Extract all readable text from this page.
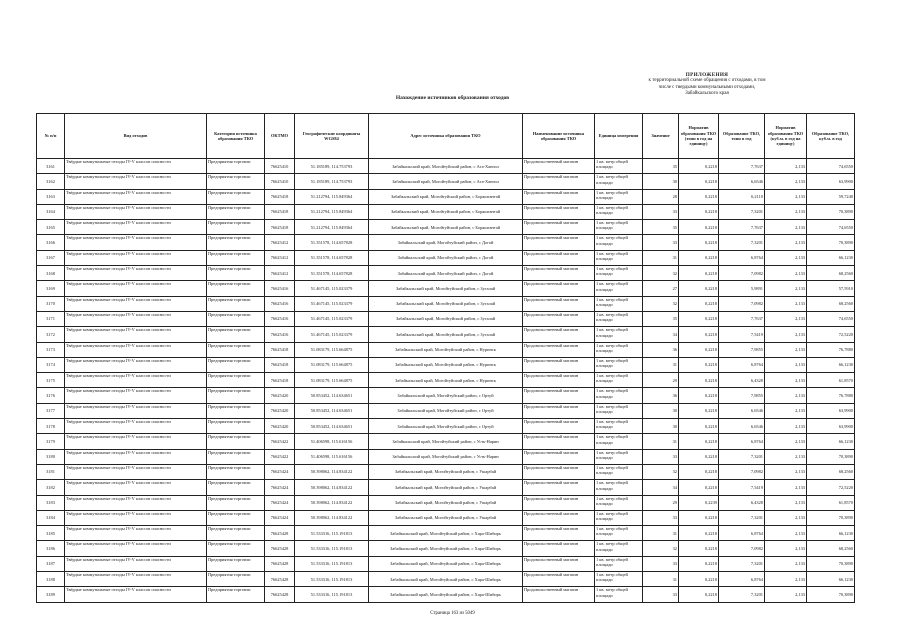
ПРИЛОЖЕНИЯ
к территориальной схеме обращения с отходами, в том
числе с твердыми коммунальными отходами,
Забайкальского края
Нахождение источников образования отходов
№ п/п	Вид отходов	Категория источника образования ТКО	ОКТМО	Географические координаты WGS84	Адрес источника образования ТКО	Наименование источника образования ТКО	Единица измерения	Значение	Норматив образования ТКО (тонн в год на единицу)	Образование ТКО, тонн в год	Норматив образования ТКО (куб.м. в год на единицу)	Образование ТКО, куб.м. в год
3161	Твёрдые коммунальные отходы IV-V классов опасности	Предприятия торговли	76625410	51.185189, 114.753793	Забайкальский край, Могойтуйский район, с Ага-Хангил	Продовольственный магазин	1 кв. метр общей площади	35	0,2218	7,7637	2,133	74,6550
3162	Твёрдые коммунальные отходы IV-V классов опасности	Предприятия торговли	76625410	51.185189, 114.753793	Забайкальский край, Могойтуйский район, с Ага-Хангил	Продовольственный магазин	1 кв. метр общей площади	30	0,2218	6,6546	2,133	63,9900
3163	Твёрдые коммунальные отходы IV-V классов опасности	Предприятия торговли	76625418	51.212794, 115.849364	Забайкальский край, Могойтуйский район, с Боржигантай	Продовольственный магазин	1 кв. метр общей площади	28	0,2218	6,2110	2,133	59,7240
3164	Твёрдые коммунальные отходы IV-V классов опасности	Предприятия торговли	76625418	51.212794, 115.849364	Забайкальский край, Могойтуйский район, с Боржигантай	Продовольственный магазин	1 кв. метр общей площади	33	0,2218	7,3201	2,133	70,3890
3165	Твёрдые коммунальные отходы IV-V классов опасности	Предприятия торговли	76625418	51.212794, 115.849364	Забайкальский край, Могойтуйский район, с Боржигантай	Продовольственный магазин	1 кв. метр общей площади	35	0,2218	7,7637	2,133	74,6550
3166	Твёрдые коммунальные отходы IV-V классов опасности	Предприятия торговли	76625412	51.351578, 114.657828	Забайкальский край, Могойтуйский район, с Догой	Продовольственный магазин	1 кв. метр общей площади	33	0,2218	7,3201	2,133	70,3890
3167	Твёрдые коммунальные отходы IV-V классов опасности	Предприятия торговли	76625412	51.351578, 114.657828	Забайкальский край, Могойтуйский район, с Догой	Продовольственный магазин	1 кв. метр общей площади	31	0,2218	6,8764	2,133	66,1230
3168	Твёрдые коммунальные отходы IV-V классов опасности	Предприятия торговли	76625412	51.351578, 114.657828	Забайкальский край, Могойтуйский район, с Догой	Продовольственный магазин	1 кв. метр общей площади	32	0,2218	7,0982	2,133	68,2560
3169	Твёрдые коммунальные отходы IV-V классов опасности	Предприятия торговли	76625416	51.467145, 115.023379	Забайкальский край, Могойтуйский район, с Зугалай	Продовольственный магазин	1 кв. метр общей площади	27	0,2218	5,9891	2,133	57,5910
3170	Твёрдые коммунальные отходы IV-V классов опасности	Предприятия торговли	76625416	51.467145, 115.023379	Забайкальский край, Могойтуйский район, с Зугалай	Продовольственный магазин	1 кв. метр общей площади	32	0,2218	7,0982	2,133	68,2560
3171	Твёрдые коммунальные отходы IV-V классов опасности	Предприятия торговли	76625416	51.467145, 115.023379	Забайкальский край, Могойтуйский район, с Зугалай	Продовольственный магазин	1 кв. метр общей площади	35	0,2218	7,7637	2,133	74,6550
3172	Твёрдые коммунальные отходы IV-V классов опасности	Предприятия торговли	76625416	51.467145, 115.023379	Забайкальский край, Могойтуйский район, с Зугалай	Продовольственный магазин	1 кв. метр общей площади	34	0,2218	7,5419	2,133	72,5220
3173	Твёрдые коммунальные отходы IV-V классов опасности	Предприятия торговли	76625418	51.083179, 115.664875	Забайкальский край, Могойтуйский район, с Нуринск	Продовольственный магазин	1 кв. метр общей площади	36	0,2218	7,9855	2,133	76,7880
3174	Твёрдые коммунальные отходы IV-V классов опасности	Предприятия торговли	76625418	51.083179, 115.664875	Забайкальский край, Могойтуйский район, с Нуринск	Продовольственный магазин	1 кв. метр общей площади	31	0,2218	6,8764	2,133	66,1230
3175	Твёрдые коммунальные отходы IV-V классов опасности	Предприятия торговли	76625418	51.083179, 115.664875	Забайкальский край, Могойтуйский район, с Нуринск	Продовольственный магазин	1 кв. метр общей площади	29	0,2218	6,4328	2,133	61,8570
3176	Твёрдые коммунальные отходы IV-V классов опасности	Предприятия торговли	76625420	50.853452, 114.634651	Забайкальский край, Могойтуйский район, с Ортуй	Продовольственный магазин	1 кв. метр общей площади	36	0,2218	7,9855	2,133	76,7880
3177	Твёрдые коммунальные отходы IV-V классов опасности	Предприятия торговли	76625420	50.853452, 114.634651	Забайкальский край, Могойтуйский район, с Ортуй	Продовольственный магазин	1 кв. метр общей площади	30	0,2218	6,6546	2,133	63,9900
3178	Твёрдые коммунальные отходы IV-V классов опасности	Предприятия торговли	76625420	50.853452, 114.634651	Забайкальский край, Могойтуйский район, с Ортуй	Продовольственный магазин	1 кв. метр общей площади	30	0,2218	6,6546	2,133	63,9900
3179	Твёрдые коммунальные отходы IV-V классов опасности	Предприятия торговли	76625422	51.406598, 115.616156	Забайкальский край, Могойтуйский район, с Усть-Нарин	Продовольственный магазин	1 кв. метр общей площади	31	0,2218	6,8764	2,133	66,1230
3180	Твёрдые коммунальные отходы IV-V классов опасности	Предприятия торговли	76625422	51.406598, 115.616156	Забайкальский край, Могойтуйский район, с Усть-Нарин	Продовольственный магазин	1 кв. метр общей площади	33	0,2218	7,3201	2,133	70,3890
3181	Твёрдые коммунальные отходы IV-V классов опасности	Предприятия торговли	76625424	50.398062, 114.834122	Забайкальский край, Могойтуйский район, с Ушарбай	Продовольственный магазин	1 кв. метр общей площади	32	0,2218	7,0982	2,133	68,2560
3182	Твёрдые коммунальные отходы IV-V классов опасности	Предприятия торговли	76625424	50.398062, 114.834122	Забайкальский край, Могойтуйский район, с Ушарбай	Продовольственный магазин	1 кв. метр общей площади	34	0,2218	7,5419	2,133	72,5220
3183	Твёрдые коммунальные отходы IV-V классов опасности	Предприятия торговли	76625424	50.398062, 114.834122	Забайкальский край, Могойтуйский район, с Ушарбай	Продовольственный магазин	1 кв. метр общей площади	29	0,2239	6,4328	2,133	61,8570
3184	Твёрдые коммунальные отходы IV-V классов опасности	Предприятия торговли	76625424	50.398062, 114.834122	Забайкальский край, Могойтуйский район, с Ушарбай	Продовольственный магазин	1 кв. метр общей площади	33	0,2218	7,3201	2,133	70,3890
3185	Твёрдые коммунальные отходы IV-V классов опасности	Предприятия торговли	76625428	51.533316, 115.191813	Забайкальский край, Могойтуйский район, с Хара-Шибирь	Продовольственный магазин	1 кв. метр общей площади	31	0,2218	6,8764	2,133	66,1230
3186	Твёрдые коммунальные отходы IV-V классов опасности	Предприятия торговли	76625428	51.533316, 115.191813	Забайкальский край, Могойтуйский район, с Хара-Шибирь	Продовольственный магазин	1 кв. метр общей площади	32	0,2218	7,0982	2,133	68,2560
3187	Твёрдые коммунальные отходы IV-V классов опасности	Предприятия торговли	76625428	51.533316, 115.191813	Забайкальский край, Могойтуйский район, с Хара-Шибирь	Продовольственный магазин	1 кв. метр общей площади	33	0,2218	7,3201	2,133	70,3890
3188	Твёрдые коммунальные отходы IV-V классов опасности	Предприятия торговли	76625428	51.533316, 115.191813	Забайкальский край, Могойтуйский район, с Хара-Шибирь	Продовольственный магазин	1 кв. метр общей площади	31	0,2218	6,8764	2,133	66,1230
3189	Твёрдые коммунальные отходы IV-V классов опасности	Предприятия торговли	76625428	51.533316, 115.191813	Забайкальский край, Могойтуйский район, с Хара-Шибирь	Продовольственный магазин	1 кв. метр общей площади	33	0,2218	7,3201	2,133	70,3890
Страница 163 из 5049
